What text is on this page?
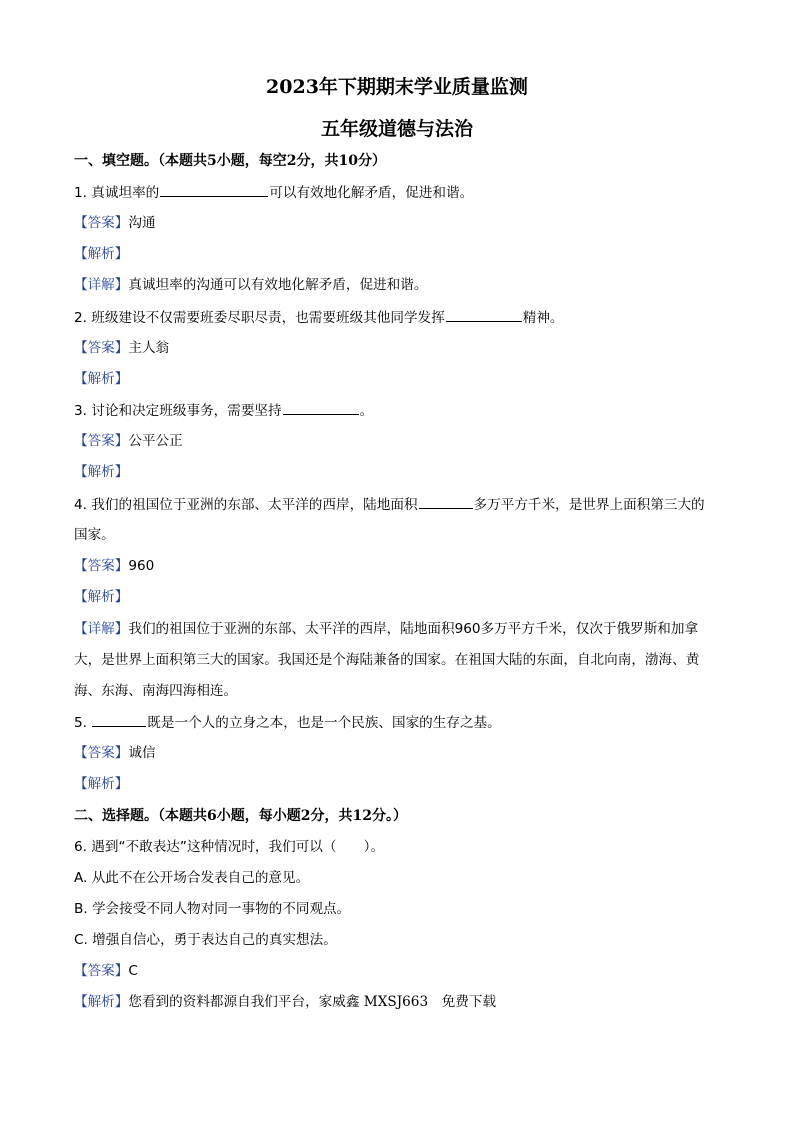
2023年下期期末学业质量监测
五年级道德与法治
一、填空题。（本题共5小题，每空2分，共10分）
1. 真诚坦率的	可以有效地化解矛盾，促进和谐。
【答案】沟通
【解析】
【详解】真诚坦率的沟通可以有效地化解矛盾，促进和谐。
2. 班级建设不仅需要班委尽职尽责，也需要班级其他同学发挥	精神。
【答案】主人翁
【解析】
3. 讨论和决定班级事务，需要坚持	。
【答案】公平公正
【解析】
4. 我们的祖国位于亚洲的东部、太平洋的西岸，陆地面积	多万平方千米，是世界上面积第三大的
国家。
【答案】960
【解析】
【详解】我们的祖国位于亚洲的东部、太平洋的西岸，陆地面积960多万平方千米，仅次于俄罗斯和加拿
大，是世界上面积第三大的国家。我国还是个海陆兼备的国家。在祖国大陆的东面，自北向南，渤海、黄
海、东海、南海四海相连。
5.	既是一个人的立身之本，也是一个民族、国家的生存之基。
【答案】诚信
【解析】
二、选择题。（本题共6小题，每小题2分，共12分。）
6. 遇到“不敢表达”这种情况时，我们可以（　　）。
A. 从此不在公开场合发表自己的意见。
B. 学会接受不同人物对同一事物的不同观点。
C. 增强自信心，勇于表达自己的真实想法。
【答案】C
【解析】您看到的资料都源自我们平台，家威鑫 MXSJ663　免费下载
